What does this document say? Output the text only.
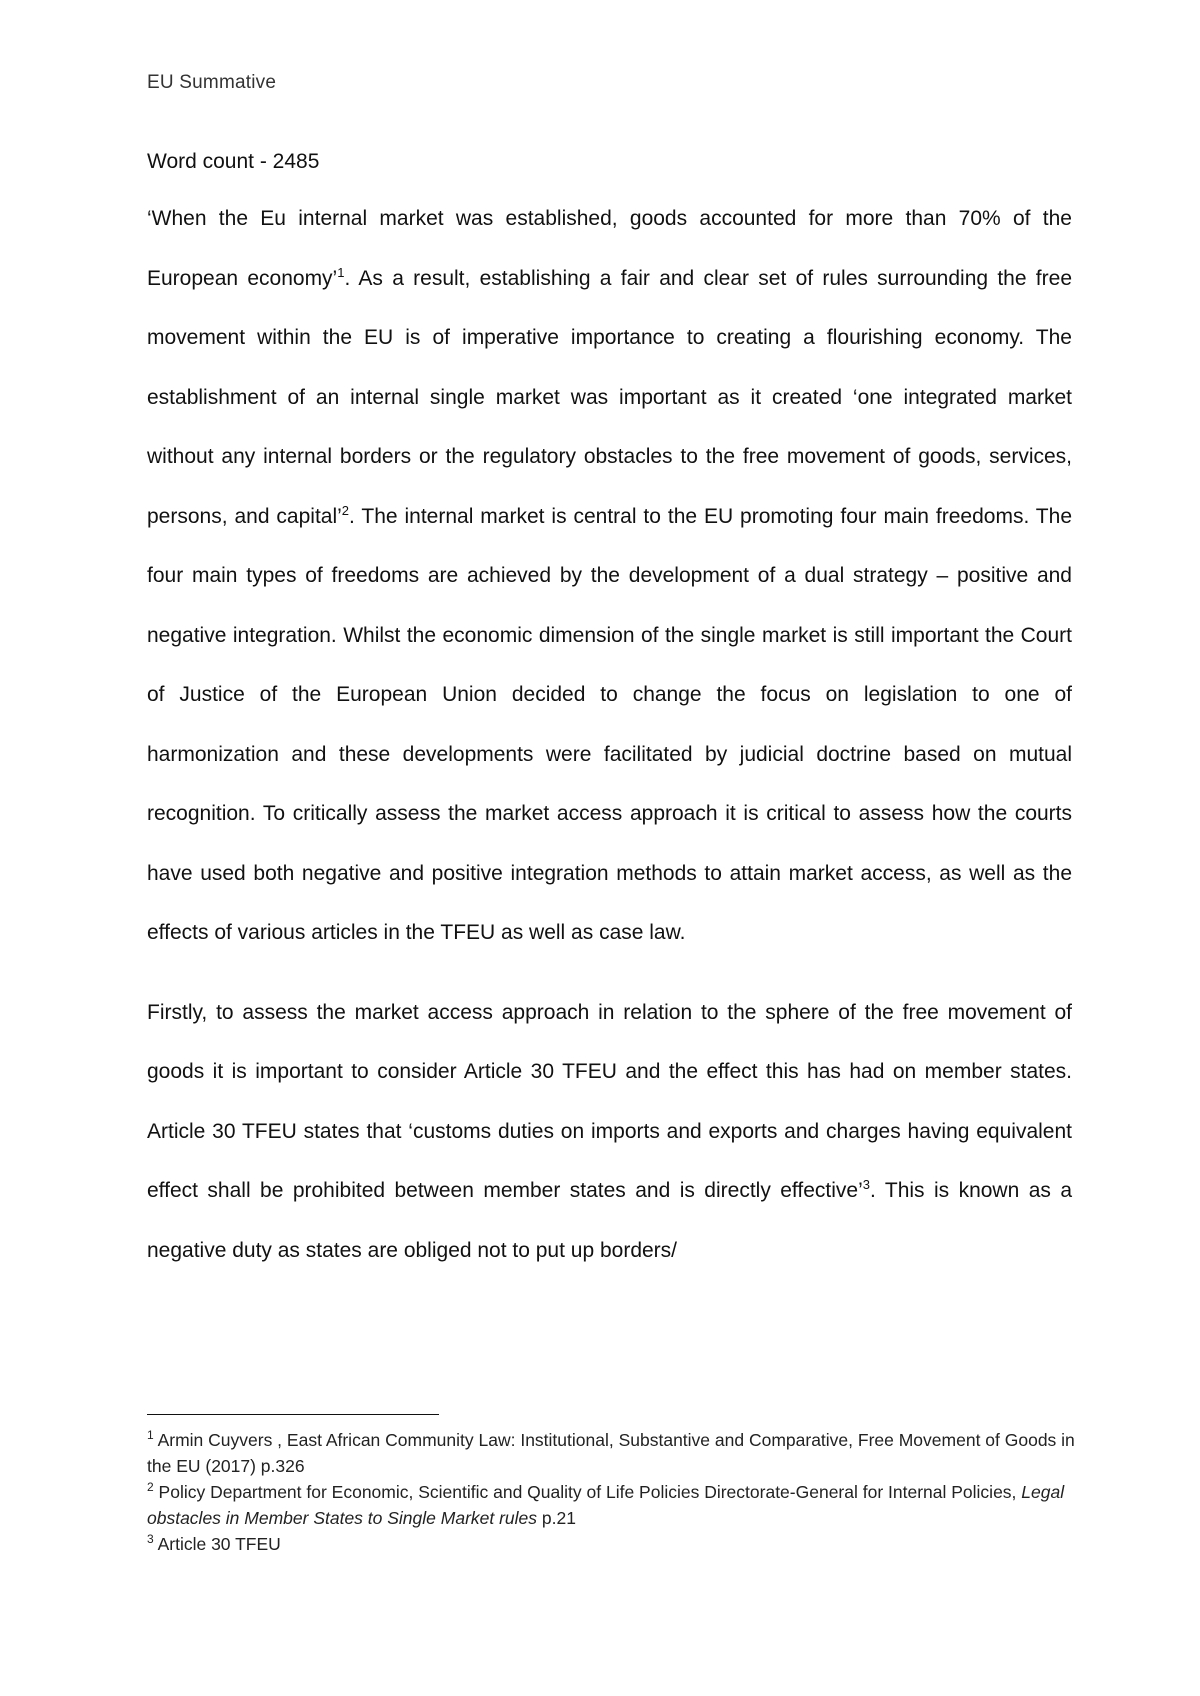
EU Summative
Word count - 2485

‘When the Eu internal market was established, goods accounted for more than 70% of the European economy’$^1$. As a result, establishing a fair and clear set of rules surrounding the free movement within the EU is of imperative importance to creating a flourishing economy. The establishment of an internal single market was important as it created ‘one integrated market without any internal borders or the regulatory obstacles to the free movement of goods, services, persons, and capital’$^2$. The internal market is central to the EU promoting four main freedoms. The four main types of freedoms are achieved by the development of a dual strategy – positive and negative integration. Whilst the economic dimension of the single market is still important the Court of Justice of the European Union decided to change the focus on legislation to one of harmonization and these developments were facilitated by judicial doctrine based on mutual recognition. To critically assess the market access approach it is critical to assess how the courts have used both negative and positive integration methods to attain market access, as well as the effects of various articles in the TFEU as well as case law.

Firstly, to assess the market access approach in relation to the sphere of the free movement of goods it is important to consider Article 30 TFEU and the effect this has had on member states. Article 30 TFEU states that ‘customs duties on imports and exports and charges having equivalent effect shall be prohibited between member states and is directly effective’$^3$. This is known as a negative duty as states are obliged not to put up borders/

$^1$ Armin Cuyvers , East African Community Law: Institutional, Substantive and Comparative, Free Movement of Goods in the EU (2017) p.326

$^2$ Policy Department for Economic, Scientific and Quality of Life Policies Directorate-General for Internal Policies, Legal obstacles in Member States to Single Market rules p.21

$^3$ Article 30 TFEU
